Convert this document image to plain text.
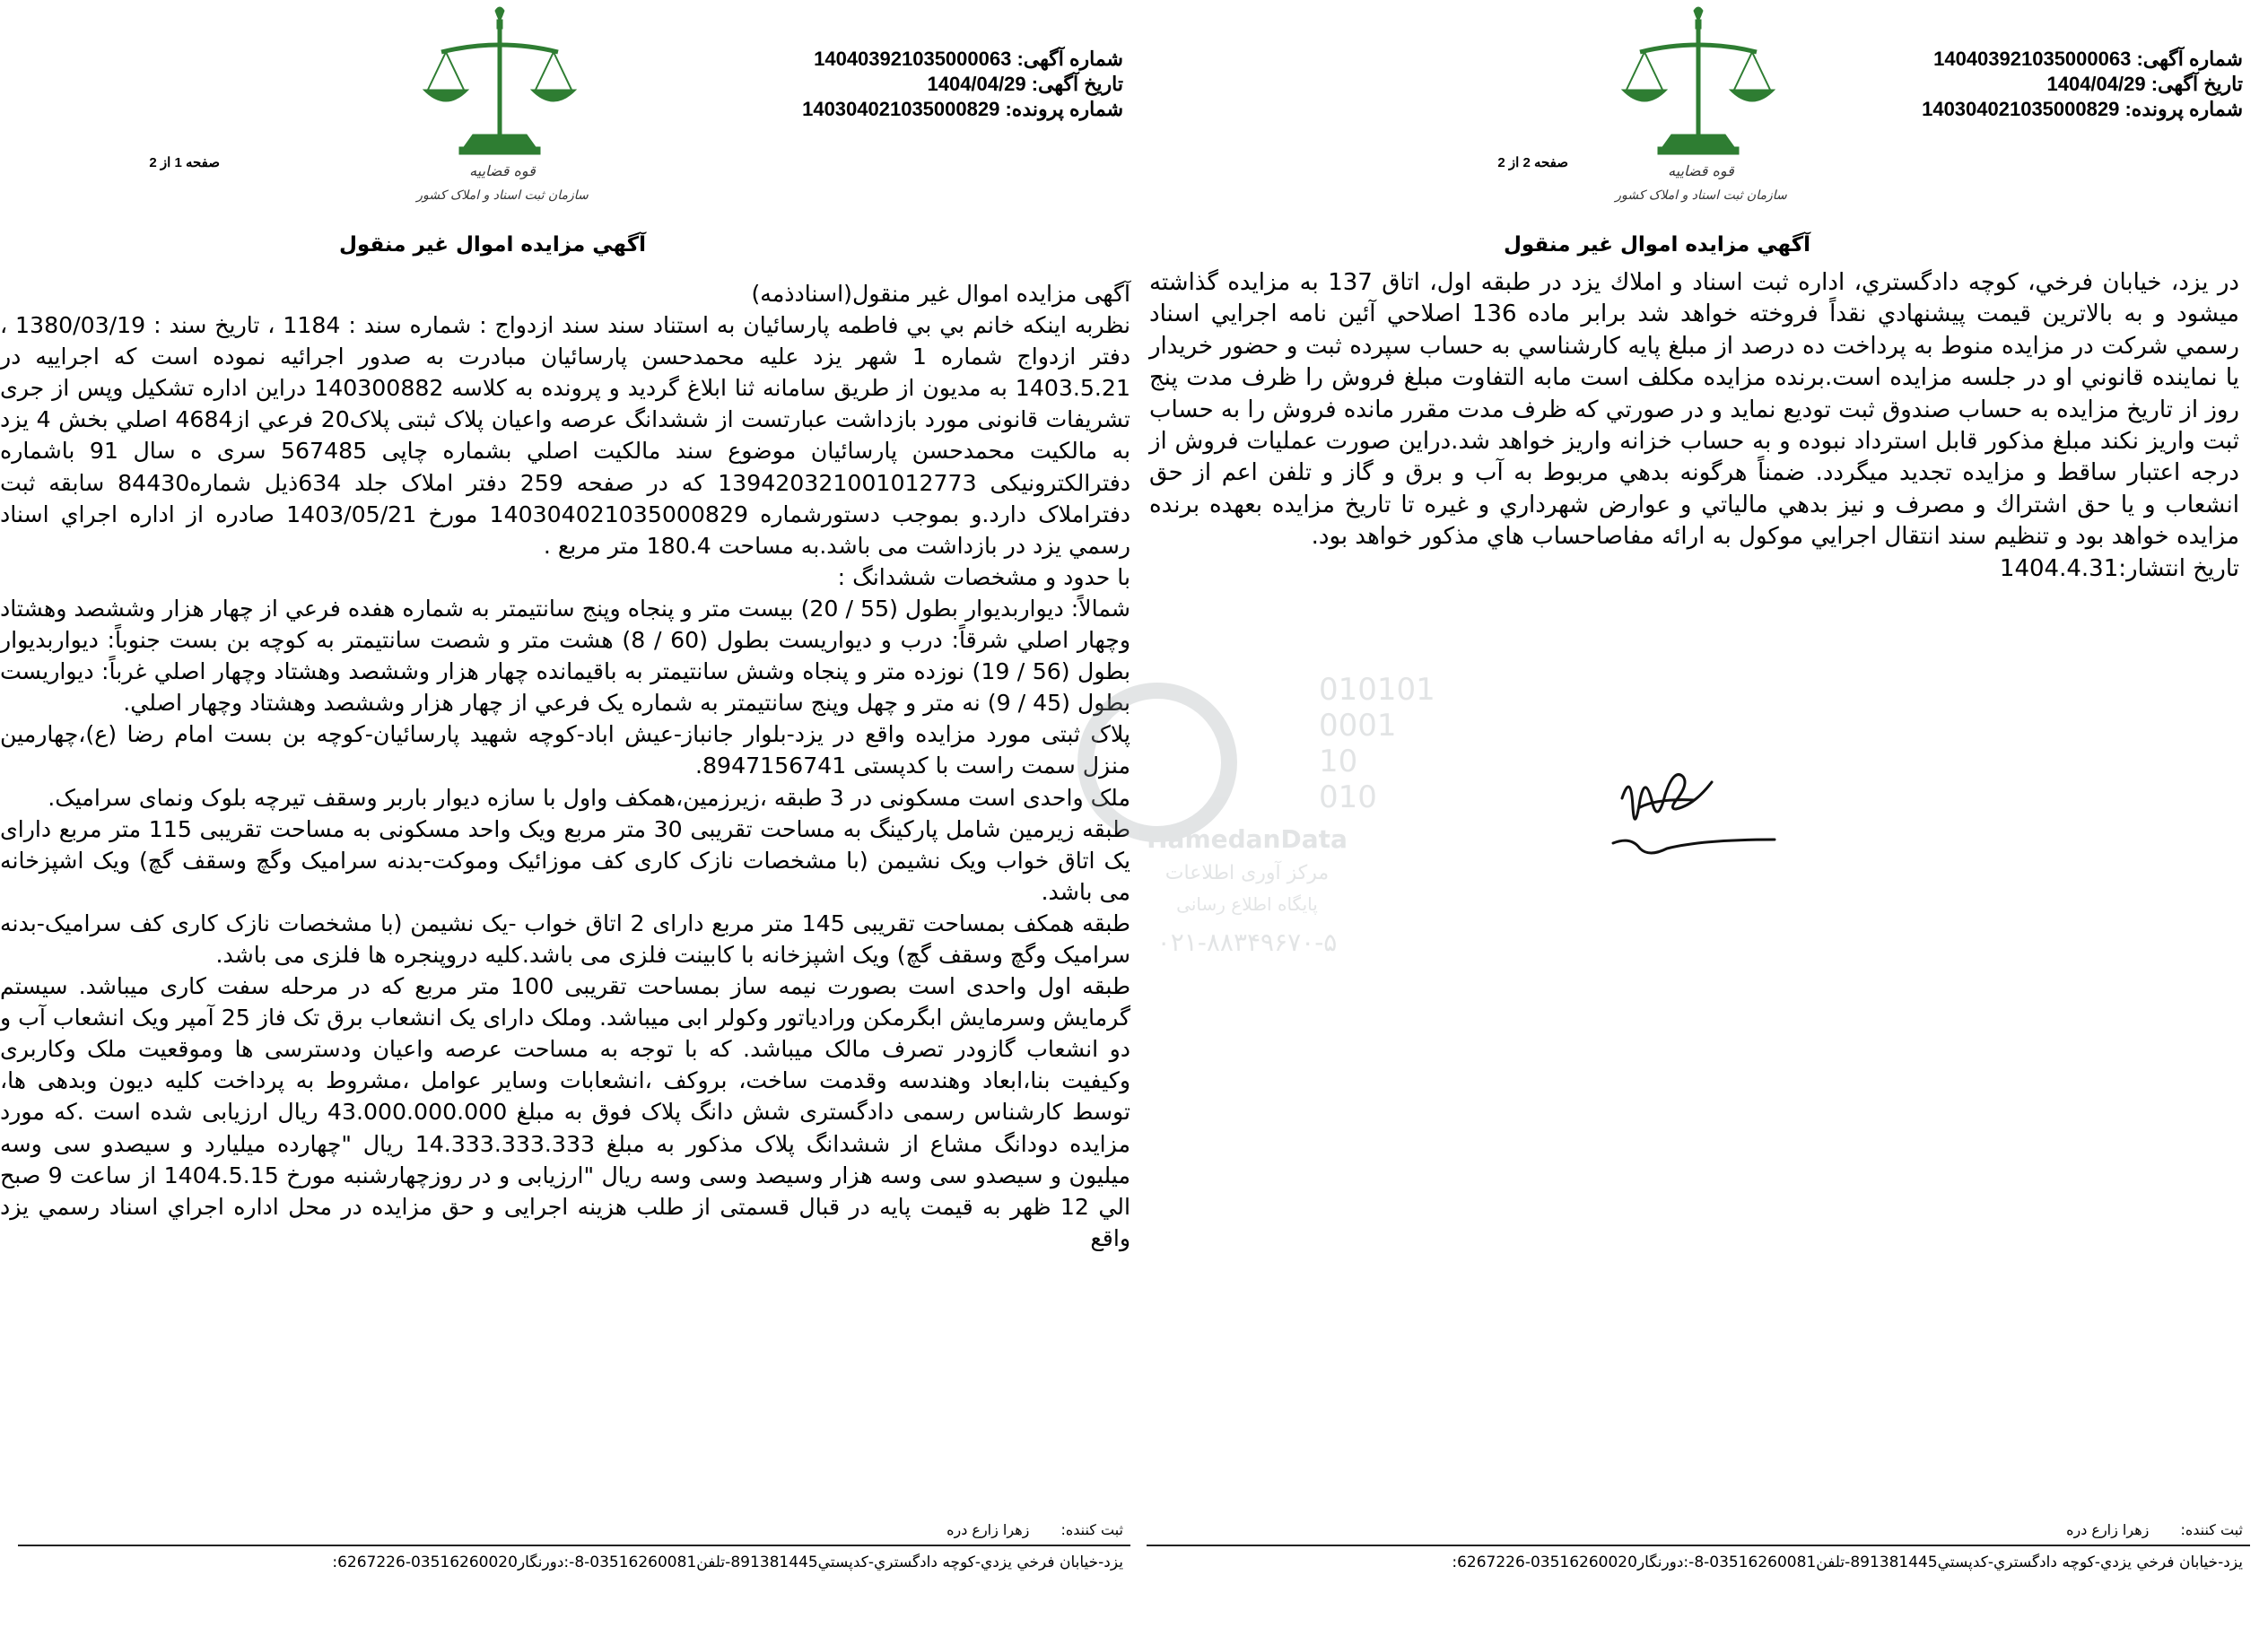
شماره آگهی: 140403921035000063
تاریخ آگهی: 1404/04/29
شماره پرونده: 140304021035000829
قوه قضاییه
سازمان ثبت اسناد و املاک کشور
صفحه 2 از 2
آگهي مزايده اموال غير منقول

در يزد، خيابان فرخي، کوچه دادگستري، اداره ثبت اسناد و املاك يزد در طبقه اول، اتاق 137 به مزايده گذاشته ميشود و به بالاترين قيمت پيشنهادي نقداً فروخته خواهد شد برابر ماده 136 اصلاحي آئين نامه اجرايي اسناد رسمي شرکت در مزايده منوط به پرداخت ده درصد از مبلغ پايه کارشناسي به حساب سپرده ثبت و حضور خريدار يا نماينده قانوني او در جلسه مزايده است.برنده مزايده مکلف است مابه التفاوت مبلغ فروش را ظرف مدت پنج روز از تاريخ مزايده به حساب صندوق ثبت توديع نمايد و در صورتي که ظرف مدت مقرر مانده فروش را به حساب ثبت واريز نکند مبلغ مذکور قابل استرداد نبوده و به حساب خزانه واريز خواهد شد.دراين صورت عمليات فروش از درجه اعتبار ساقط و مزايده تجديد ميگردد. ضمناً هرگونه بدهي مربوط به آب و برق و گاز و تلفن اعم از حق انشعاب و يا حق اشتراك و مصرف و نيز بدهي مالياتي و عوارض شهرداري و غيره تا تاريخ مزايده بعهده برنده مزايده خواهد بود و تنظيم سند انتقال اجرايي موکول به ارائه مفاصاحساب هاي مذکور خواهد بود.

تاريخ انتشار:1404.4.31

ثبت کننده: زهرا زارع دره
يزد-خيابان فرخي يزدي-کوچه دادگستري-کدپستي891381445-تلفن03516260081-8-:دورنگار03516260020-6267226:
شماره آگهی: 140403921035000063
تاریخ آگهی: 1404/04/29
شماره پرونده: 140304021035000829
قوه قضاییه
سازمان ثبت اسناد و املاک کشور
صفحه 1 از 2
آگهي مزايده اموال غير منقول

آگهی مزایده اموال غیر منقول(اسنادذمه)

نظربه اینکه خانم بي بي فاطمه پارسائيان به استناد سند سند ازدواج : شماره سند : 1184 ، تاریخ سند : 1380/03/19 ، دفتر ازدواج شماره 1 شهر یزد علیه محمدحسن پارسائیان مبادرت به صدور اجرائیه نموده است که اجراییه در 1403.5.21 به مدیون از طریق سامانه ثنا ابلاغ گردید و پرونده به کلاسه 140300882 دراین اداره تشکیل وپس از جری تشریفات قانونی مورد بازداشت عبارتست از ششدانگ عرصه واعيان پلاک ثبتی پلاک20 فرعي از4684 اصلي بخش 4 يزد به مالکیت محمدحسن پارسائیان موضوع سند مالکیت اصلي بشماره چاپی 567485 سری ه سال 91 باشماره دفترالکترونیکی 139420321001012773 که در صفحه 259 دفتر املاک جلد 634ذیل شماره84430 سابقه ثبت دفتراملاک دارد.و بموجب دستورشماره 140304021035000829 مورخ 1403/05/21 صادره از اداره اجراي اسناد رسمي يزد در بازداشت می باشد.به مساحت 180.4 متر مربع .

با حدود و مشخصات ششدانگ :

شمالاً: ديواربديوار بطول (55 / 20) بيست متر و پنجاه وپنج سانتيمتر به شماره هفده فرعي از چهار هزار وششصد وهشتاد وچهار اصلي شرقاً: درب و ديواريست بطول (60 / 8) هشت متر و شصت سانتيمتر به کوچه بن بست جنوباً: ديواربديوار بطول (56 / 19) نوزده متر و پنجاه وشش سانتيمتر به باقيمانده چهار هزار وششصد وهشتاد وچهار اصلي غرباً: ديواريست بطول (45 / 9) نه متر و چهل وپنج سانتيمتر به شماره يک فرعي از چهار هزار وششصد وهشتاد وچهار اصلي.

پلاک ثبتی مورد مزایده واقع در یزد-بلوار جانباز-عیش اباد-کوچه شهید پارسائیان-کوچه بن بست امام رضا (ع)،چهارمین منزل سمت راست با کدپستی 8947156741.

ملک واحدی است مسکونی در 3 طبقه ،زیرزمین،همکف واول با سازه دیوار باربر وسقف تیرچه بلوک ونمای سرامیک.

طبقه زیرمین شامل پارکینگ به مساحت تقریبی 30 متر مربع ویک واحد مسکونی به مساحت تقریبی 115 متر مربع دارای یک اتاق خواب ویک نشیمن (با مشخصات نازک کاری کف موزائیک وموکت-بدنه سرامیک وگچ وسقف گچ) ویک اشپزخانه می باشد.

طبقه همکف بمساحت تقریبی 145 متر مربع دارای 2 اتاق خواب -یک نشیمن (با مشخصات نازک کاری کف سرامیک-بدنه سرامیک وگچ وسقف گچ) ویک اشپزخانه با کابینت فلزی می باشد.کلیه دروپنجره ها فلزی می باشد.

طبقه اول واحدی است بصورت نیمه ساز بمساحت تقریبی 100 متر مربع که در مرحله سفت کاری میباشد. سیستم گرمایش وسرمایش ابگرمکن ورادیاتور وکولر ابی میباشد. وملک دارای یک انشعاب برق تک فاز 25 آمپر ویک انشعاب آب و دو انشعاب گازودر تصرف مالک میباشد. که با توجه به مساحت عرصه واعیان ودسترسی ها وموقعیت ملک وکاربری وکیفیت بنا،ابعاد وهندسه وقدمت ساخت، بروکف ،انشعابات وسایر عوامل ،مشروط به پرداخت کلیه دیون وبدهی ها، توسط کارشناس رسمی دادگستری شش دانگ پلاک فوق به مبلغ 43.000.000.000 ریال ارزیابی شده است .که مورد مزایده دودانگ مشاع از ششدانگ پلاک مذکور به مبلغ 14.333.333.333 ریال "چهارده میلیارد و سیصدو سی وسه میلیون و سیصدو سی وسه هزار وسیصد وسی وسه ریال "ارزیابی و در روزچهارشنبه مورخ 1404.5.15 از ساعت 9 صبح الي 12 ظهر به قیمت پایه در قبال قسمتی از طلب هزینه اجرایی و حق مزایده در محل اداره اجراي اسناد رسمي يزد واقع

ثبت کننده: زهرا زارع دره
يزد-خيابان فرخي يزدي-کوچه دادگستري-کدپستي891381445-تلفن03516260081-8-:دورنگار03516260020-6267226:
010101
0001
10
010
HamedanData
مرکز آوری اطلاعات
پایگاه اطلاع رسانی
۰۲۱-۸۸۳۴۹۶۷۰-۵
